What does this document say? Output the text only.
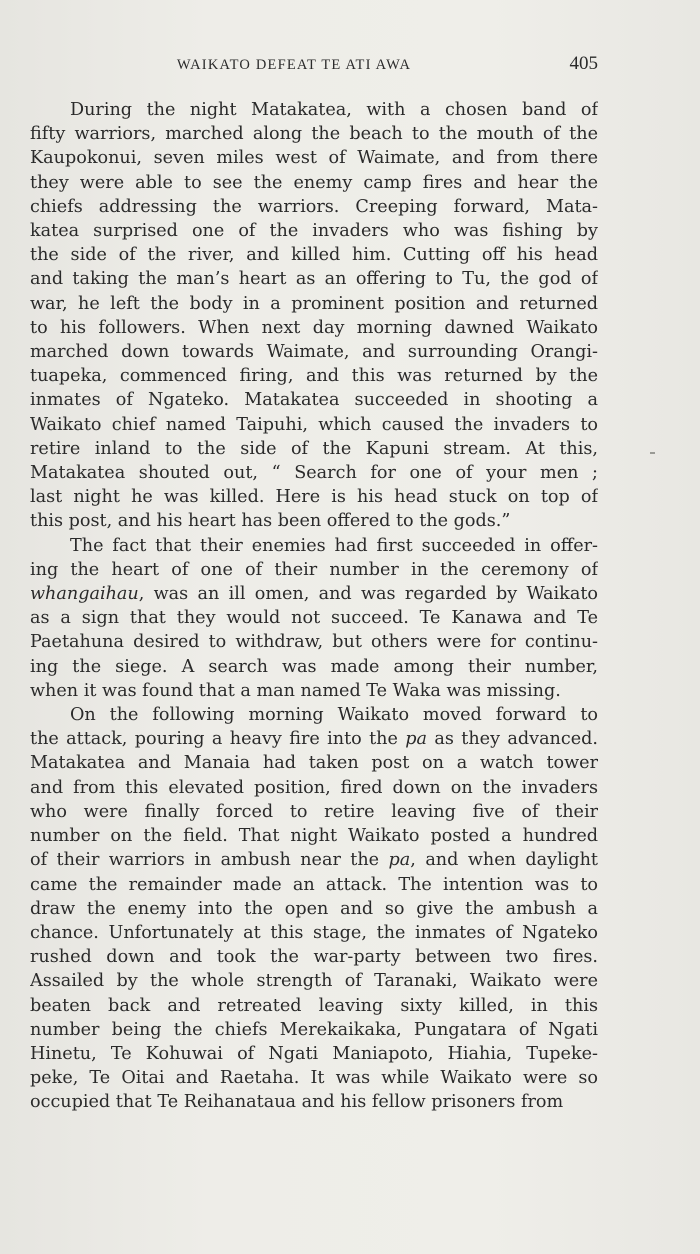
WAIKATO DEFEAT TE ATI AWA	405
During the night Matakatea, with a chosen band of
fifty warriors, marched along the beach to the mouth of the
Kaupokonui, seven miles west of Waimate, and from there
they were able to see the enemy camp fires and hear the
chiefs addressing the warriors. Creeping forward, Mata-
katea surprised one of the invaders who was fishing by
the side of the river, and killed him. Cutting off his head
and taking the man’s heart as an offering to Tu, the god of
war, he left the body in a prominent position and returned
to his followers. When next day morning dawned Waikato
marched down towards Waimate, and surrounding Orangi-
tuapeka, commenced firing, and this was returned by the
inmates of Ngateko. Matakatea succeeded in shooting a
Waikato chief named Taipuhi, which caused the invaders to
retire inland to the side of the Kapuni stream. At this,
Matakatea shouted out, “ Search for one of your men ;
last night he was killed. Here is his head stuck on top of
this post, and his heart has been offered to the gods.”
The fact that their enemies had first succeeded in offer-
ing the heart of one of their number in the ceremony of
whangaihau, was an ill omen, and was regarded by Waikato
as a sign that they would not succeed. Te Kanawa and Te
Paetahuna desired to withdraw, but others were for continu-
ing the siege. A search was made among their number,
when it was found that a man named Te Waka was missing.
On the following morning Waikato moved forward to
the attack, pouring a heavy fire into the pa as they advanced.
Matakatea and Manaia had taken post on a watch tower
and from this elevated position, fired down on the invaders
who were finally forced to retire leaving five of their
number on the field. That night Waikato posted a hundred
of their warriors in ambush near the pa, and when daylight
came the remainder made an attack. The intention was to
draw the enemy into the open and so give the ambush a
chance. Unfortunately at this stage, the inmates of Ngateko
rushed down and took the war-party between two fires.
Assailed by the whole strength of Taranaki, Waikato were
beaten back and retreated leaving sixty killed, in this
number being the chiefs Merekaikaka, Pungatara of Ngati
Hinetu, Te Kohuwai of Ngati Maniapoto, Hiahia, Tupeke-
peke, Te Oitai and Raetaha. It was while Waikato were so
occupied that Te Reihanataua and his fellow prisoners from
